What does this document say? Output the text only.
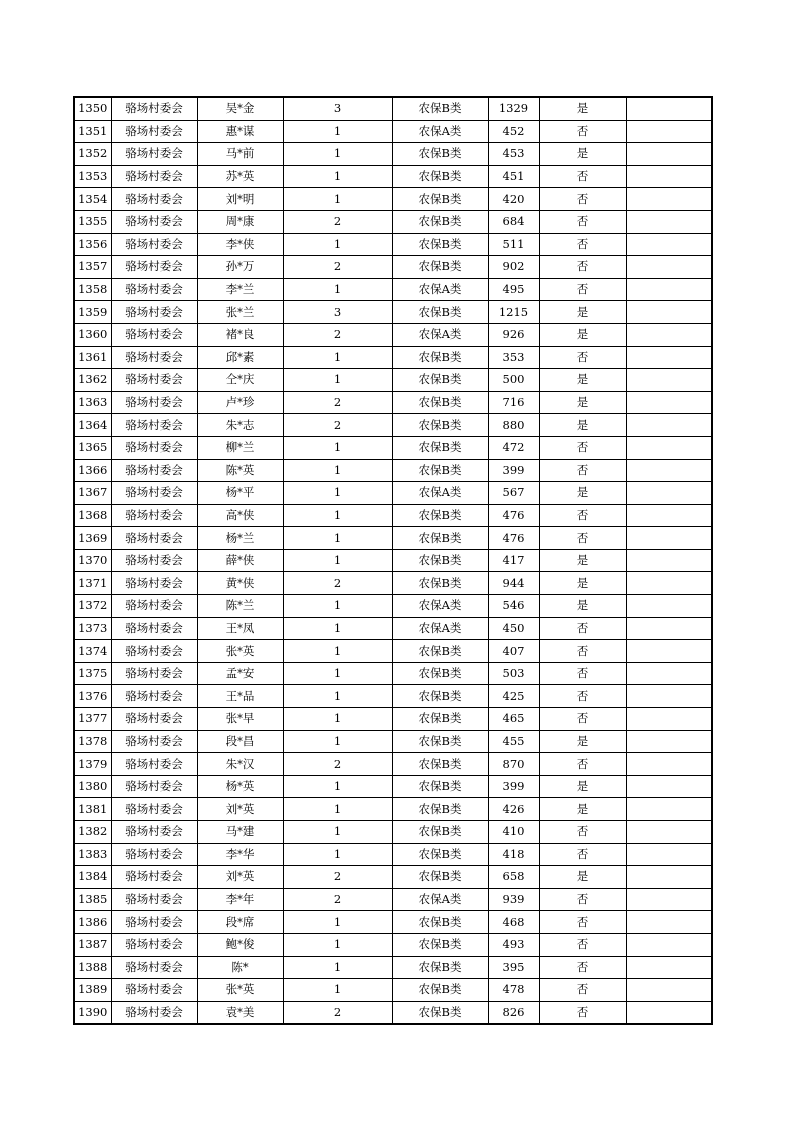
1350	骆场村委会	吴*金	3	农保B类	1329	是	
1351	骆场村委会	惠*谋	1	农保A类	452	否	
1352	骆场村委会	马*前	1	农保B类	453	是	
1353	骆场村委会	苏*英	1	农保B类	451	否	
1354	骆场村委会	刘*明	1	农保B类	420	否	
1355	骆场村委会	周*康	2	农保B类	684	否	
1356	骆场村委会	李*侠	1	农保B类	511	否	
1357	骆场村委会	孙*万	2	农保B类	902	否	
1358	骆场村委会	李*兰	1	农保A类	495	否	
1359	骆场村委会	张*兰	3	农保B类	1215	是	
1360	骆场村委会	褚*良	2	农保A类	926	是	
1361	骆场村委会	邱*素	1	农保B类	353	否	
1362	骆场村委会	仝*庆	1	农保B类	500	是	
1363	骆场村委会	卢*珍	2	农保B类	716	是	
1364	骆场村委会	朱*志	2	农保B类	880	是	
1365	骆场村委会	柳*兰	1	农保B类	472	否	
1366	骆场村委会	陈*英	1	农保B类	399	否	
1367	骆场村委会	杨*平	1	农保A类	567	是	
1368	骆场村委会	高*侠	1	农保B类	476	否	
1369	骆场村委会	杨*兰	1	农保B类	476	否	
1370	骆场村委会	薛*侠	1	农保B类	417	是	
1371	骆场村委会	黄*侠	2	农保B类	944	是	
1372	骆场村委会	陈*兰	1	农保A类	546	是	
1373	骆场村委会	王*凤	1	农保A类	450	否	
1374	骆场村委会	张*英	1	农保B类	407	否	
1375	骆场村委会	孟*安	1	农保B类	503	否	
1376	骆场村委会	王*品	1	农保B类	425	否	
1377	骆场村委会	张*早	1	农保B类	465	否	
1378	骆场村委会	段*昌	1	农保B类	455	是	
1379	骆场村委会	朱*汉	2	农保B类	870	否	
1380	骆场村委会	杨*英	1	农保B类	399	是	
1381	骆场村委会	刘*英	1	农保B类	426	是	
1382	骆场村委会	马*建	1	农保B类	410	否	
1383	骆场村委会	李*华	1	农保B类	418	否	
1384	骆场村委会	刘*英	2	农保B类	658	是	
1385	骆场村委会	李*年	2	农保A类	939	否	
1386	骆场村委会	段*席	1	农保B类	468	否	
1387	骆场村委会	鲍*俊	1	农保B类	493	否	
1388	骆场村委会	陈*	1	农保B类	395	否	
1389	骆场村委会	张*英	1	农保B类	478	否	
1390	骆场村委会	袁*美	2	农保B类	826	否	
